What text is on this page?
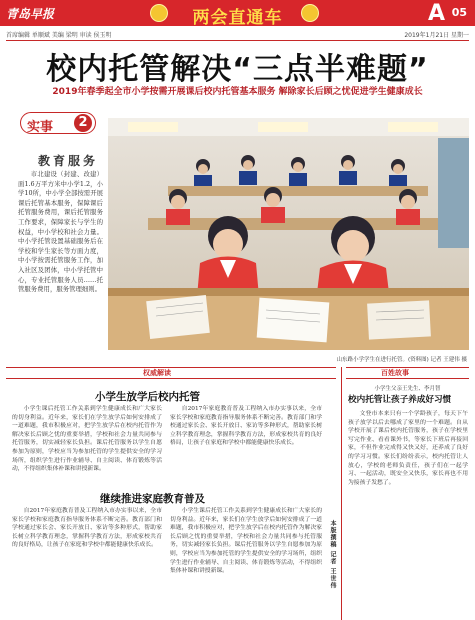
青岛早报	两会直通车	A 05
首席编辑 单顺斌 美编 梁明 审读 侯玉明	2019年1月21日 星期一
校内托管解决“三点半难题”
2019年春季起全市小学按需开展课后校内托管基本服务 解除家长后顾之忧促进学生健康成长
实事	2
教育服务
市北建设（封建、改建）面1.6万平方米中小学1.2，小学10所，中小学全部按需开展课后托管基本服务，保障课后托管服务费用，课后托管服务工作要求，保障家长与学生的权益，中小学校和社会力量。中小学托管设置基础服务后在学校和学生家长等方面力度，中小学按需托管服务工作，加入社区及团体，中小学托管中心，专业托管服务人员……托管服务费用，服务管理细则。
山东路小学学生在进行托管。(资料图) 记者 王建伟 摄
权威解读
小学生放学后校内托管
小学生课后托管工作关系到学生健康成长和广大家长的切身利益。近年来，家长们在学生放学后如何安排成了一道难题，我市积极应对，把学生放学后在校内托管作为解决家长后顾之忧的重要举措，学校和社会力量共同参与托管服务，切实减轻家长负担。课后托管服务以学生自愿参加为原则，学校应当为参加托管的学生提供安全的学习场所，组织学生进行作业辅导、自主阅读、体育锻炼等活动，不得组织集体补课和讲授新课。
自2017年家庭教育普及工程纳入市办实事以来，全市家长学校和家庭教育指导服务体系不断完善。教育部门和学校通过家长会、家长开放日、家访等多种形式，帮助家长树立科学教育理念，掌握科学教育方法，形成家校共育的良好格局，让孩子在家庭和学校中都能健康快乐成长。
继续推进家庭教育普及
自2017年家庭教育普及工程纳入市办实事以来，全市家长学校和家庭教育指导服务体系不断完善。教育部门和学校通过家长会、家长开放日、家访等多种形式，帮助家长树立科学教育理念，掌握科学教育方法，形成家校共育的良好格局，让孩子在家庭和学校中都能健康快乐成长。
小学生课后托管工作关系到学生健康成长和广大家长的切身利益。近年来，家长们在学生放学后如何安排成了一道难题，我市积极应对，把学生放学后在校内托管作为解决家长后顾之忧的重要举措，学校和社会力量共同参与托管服务，切实减轻家长负担。课后托管服务以学生自愿参加为原则，学校应当为参加托管的学生提供安全的学习场所，组织学生进行作业辅导、自主阅读、体育锻炼等活动，不得组织集体补课和讲授新课。	本版撰稿 记者 王世伟
百姓故事
小学生父亲王先生、李月智
校内托管让孩子养成好习惯
文登市本来只有一个学龄孩子，每天下午孩子放学以后去哪成了家里的一个难题。自从学校开展了课后校内托管服务，孩子在学校里写完作业、看看课外书，等家长下班后再接回家，不但作业完成得又快又好，还养成了良好的学习习惯。家长们纷纷表示，校内托管让人放心，学校的老师负责任，孩子们在一起学习、一起活动，既安全又快乐，家长再也不用为接孩子发愁了。
